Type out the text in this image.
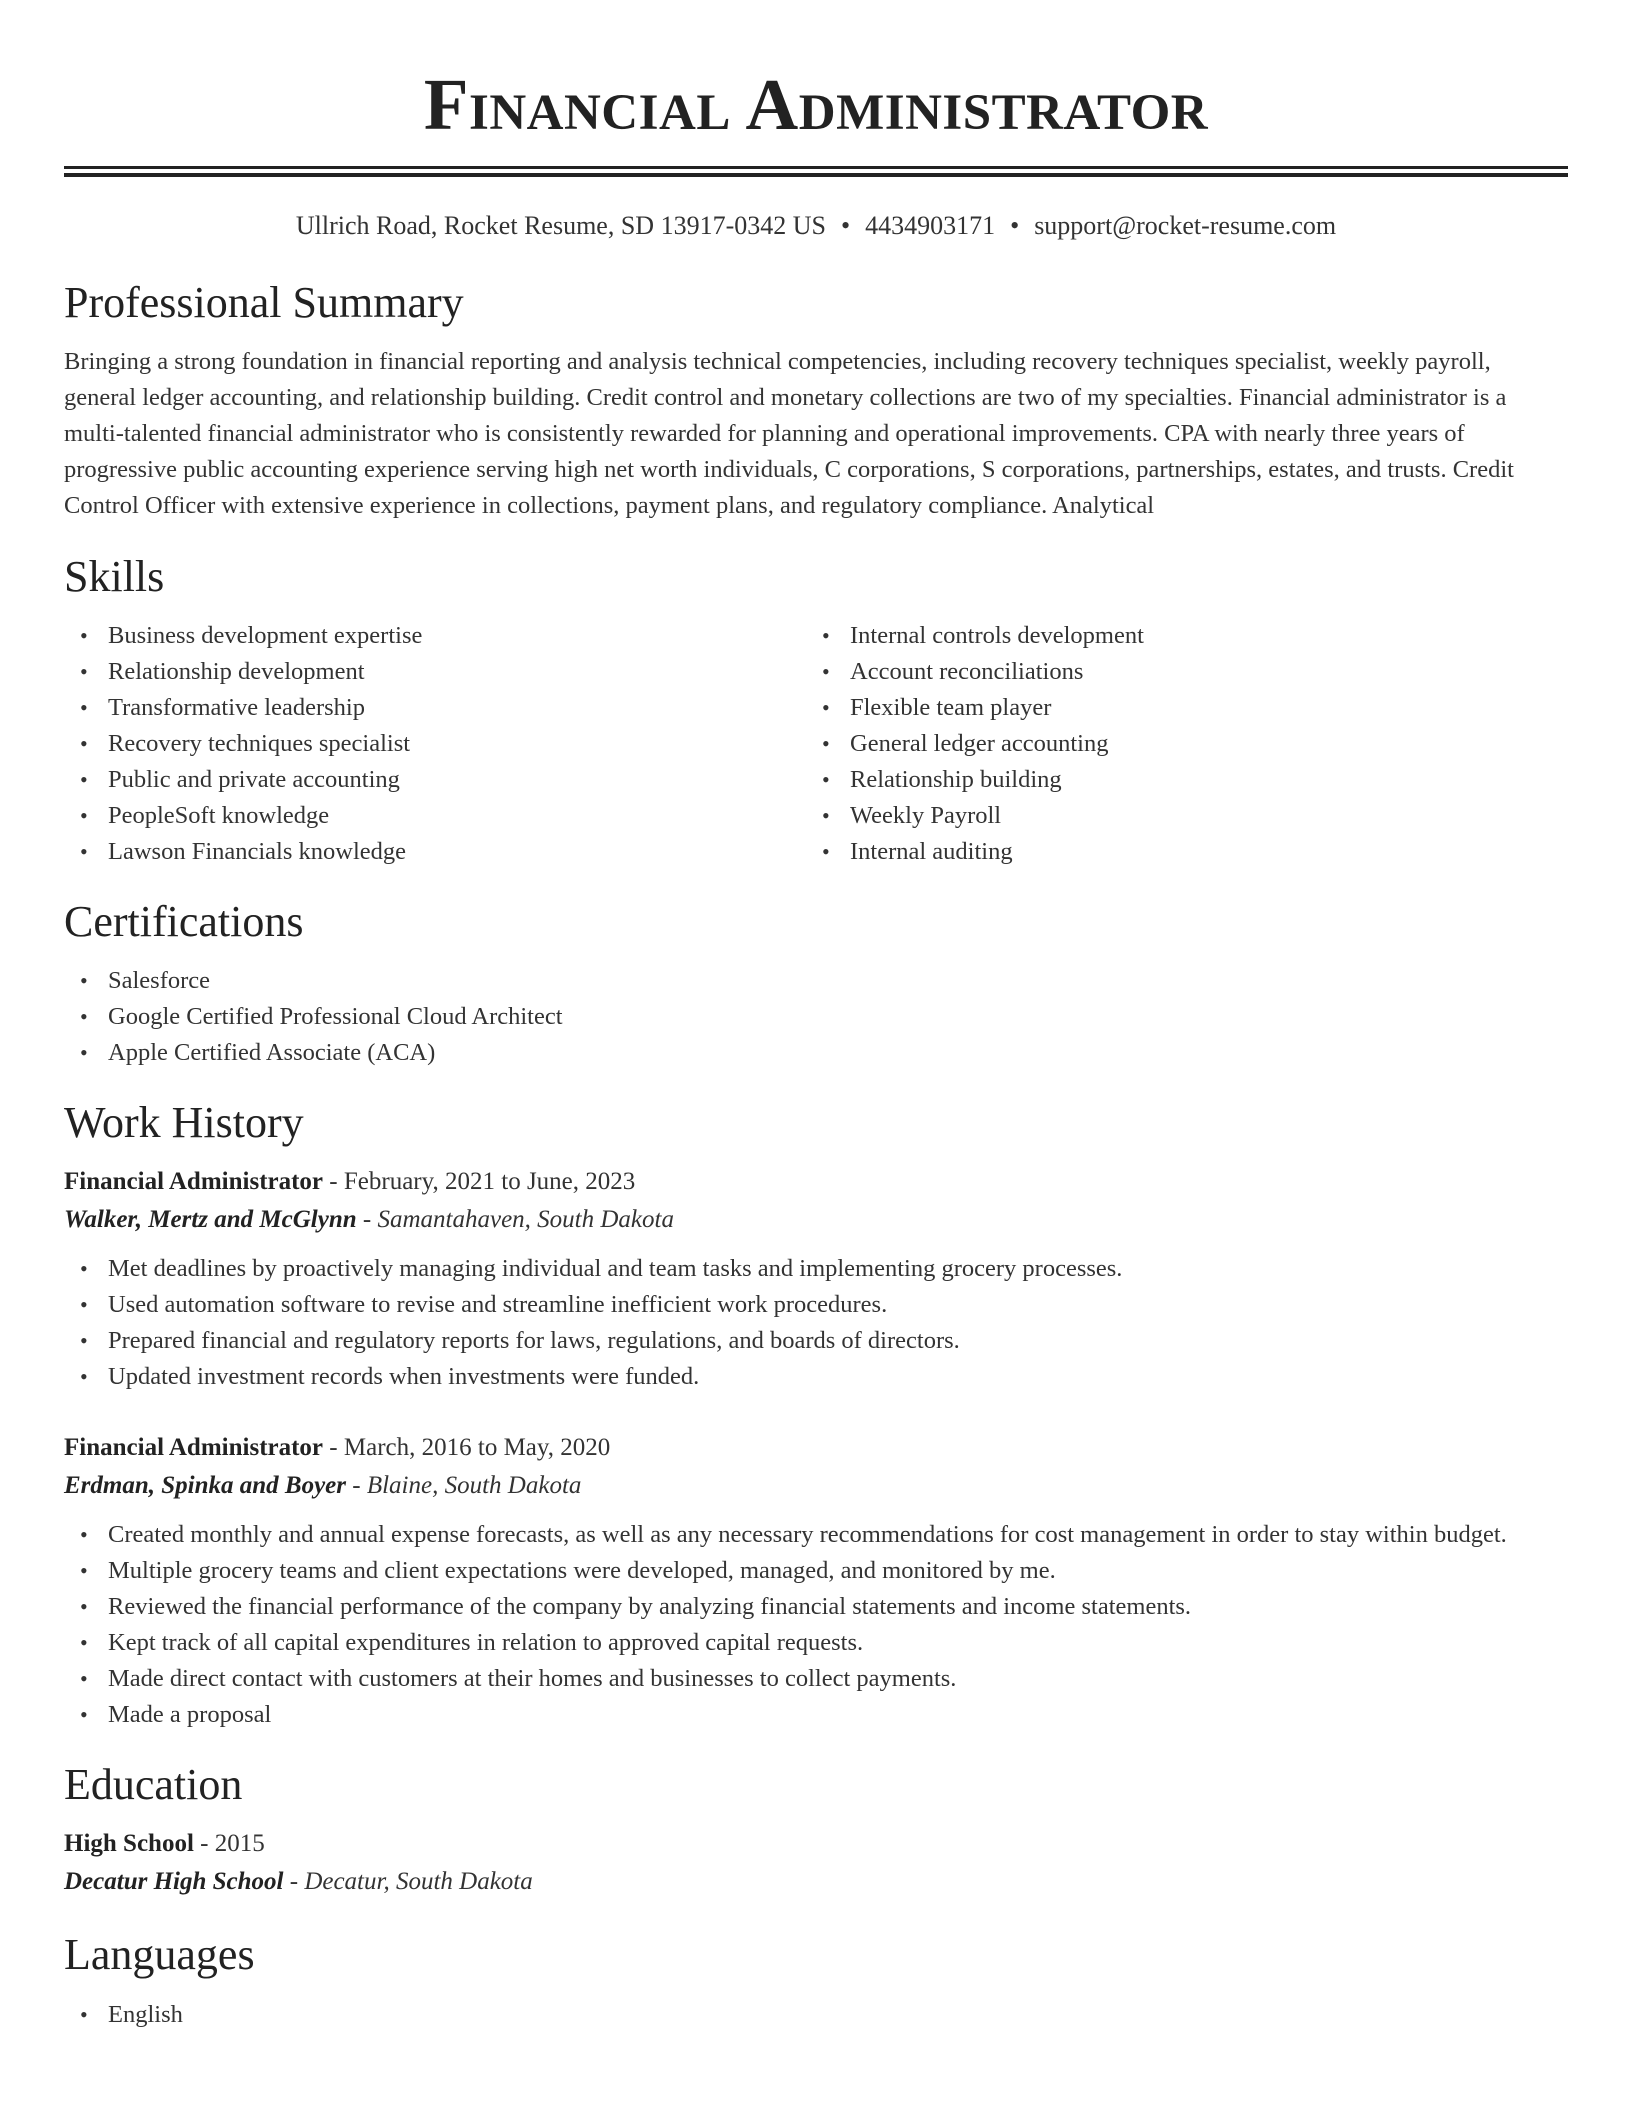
Financial Administrator
Ullrich Road, Rocket Resume, SD 13917-0342 US • 4434903171 • support@rocket-resume.com
Professional Summary
Bringing a strong foundation in financial reporting and analysis technical competencies, including recovery techniques specialist, weekly payroll, general ledger accounting, and relationship building. Credit control and monetary collections are two of my specialties. Financial administrator is a multi-talented financial administrator who is consistently rewarded for planning and operational improvements. CPA with nearly three years of progressive public accounting experience serving high net worth individuals, C corporations, S corporations, partnerships, estates, and trusts. Credit Control Officer with extensive experience in collections, payment plans, and regulatory compliance. Analytical
Skills
• Business development expertise
• Relationship development
• Transformative leadership
• Recovery techniques specialist
• Public and private accounting
• PeopleSoft knowledge
• Lawson Financials knowledge
• Internal controls development
• Account reconciliations
• Flexible team player
• General ledger accounting
• Relationship building
• Weekly Payroll
• Internal auditing
Certifications
• Salesforce
• Google Certified Professional Cloud Architect
• Apple Certified Associate (ACA)
Work History
Financial Administrator - February, 2021 to June, 2023
Walker, Mertz and McGlynn - Samantahaven, South Dakota
• Met deadlines by proactively managing individual and team tasks and implementing grocery processes.
• Used automation software to revise and streamline inefficient work procedures.
• Prepared financial and regulatory reports for laws, regulations, and boards of directors.
• Updated investment records when investments were funded.
Financial Administrator - March, 2016 to May, 2020
Erdman, Spinka and Boyer - Blaine, South Dakota
• Created monthly and annual expense forecasts, as well as any necessary recommendations for cost management in order to stay within budget.
• Multiple grocery teams and client expectations were developed, managed, and monitored by me.
• Reviewed the financial performance of the company by analyzing financial statements and income statements.
• Kept track of all capital expenditures in relation to approved capital requests.
• Made direct contact with customers at their homes and businesses to collect payments.
• Made a proposal
Education
High School - 2015
Decatur High School - Decatur, South Dakota
Languages
• English
